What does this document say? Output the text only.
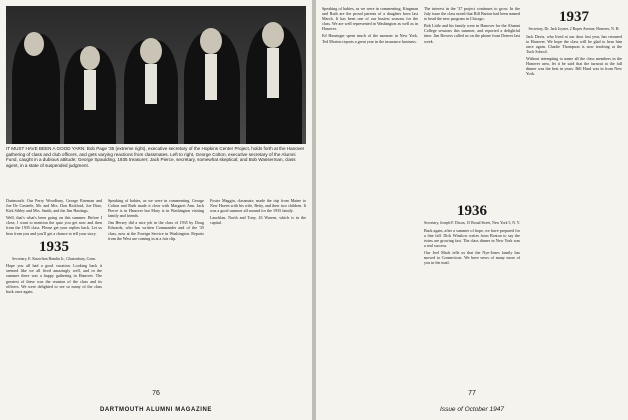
IT MUST HAVE BEEN A GOOD YARN: Bob Page '35 (extreme right), executive secretary of the Hopkins Center Project, holds forth at the Hanover gathering of class and club officers, and gets varying reactions from classmates. Left to right, George Colton, executive secretary of the Alumni Fund, caught in a dubious attitude; George Spaulding, 1935 treasurer; Jack Pierce, secretary, somewhat skeptical; and Bob Wasserman, class agent, in a state of suspended judgment.

Dartmouth. Our Perry Woodbury, George Eiseman and Joe De Casteele, Mr. and Mrs. Don Bickford, Joe Diao, Kirk Sibley and Mrs. Smith, and the Jim Hastings.

Well, that's what's been going on this summer. Before I close, I want to mention the quiz you get now and then from the 1935 class. Please get your replies back. Let us hear from you and you'll get a chance to tell your story.

1935
Secretary, E. Knowlton Hamlin Jr., Glastonbury, Conn.

Hope you all had a good vacation. Looking back it seemed like we all lived amazingly well, and in the summer there was a happy gathering in Hanover. The greatest of these was the reunion of the class and its officers. We were delighted to see so many of the class back once again.

Speaking of babies, as we were in commenting. George Colton and Ruth made it clear with Margaret Ann. Jack Pierce is in Hanover but Mary is in Washington visiting family and friends.

Jim Hersey did a nice job in the class of 1935 by Doug Edwards, who has written Commander and of the '35 class, now at the Foreign Service in Washington. Reports from the West are coming in at a fair clip.

Foster Maggin, classmate, made the trip from Maine to New Haven with his wife, Betty, and their two children. It was a good summer all around for the 1935 family.

Lauchlan, North and Tony, 43 Warren, which is in the capital.

76
DARTMOUTH ALUMNI MAGAZINE

Speaking of babies, as we were in commenting, Kingman and Ruth are the proud parents of a daughter born last March. It has been one of our busiest seasons for the class. We are well represented in Washington as well as in Hanover.

Ed Hassinger spent much of the summer in New York. Ted Morton reports a great year in the insurance business.

The interest in the '37 project continues to grow. In the July issue the class noted that Bill Barton had been named to head the new program in Chicago.

Bob Little and his family were in Hanover for the Alumni College sessions this summer, and reported a delightful time. Jim Bowers called us on the phone from Denver last week.

1937
Secretary, Dr. Jack Joyner, 2 Ropes Avenue, Hanover, N. H.

Jack Davis, who lived at our door last year, has returned to Hanover. We hope the class will be glad to hear him once again. Charlie Thompson is now teaching at the Tuck School.

Without attempting to name all the class members in the Hanover area, let it be said that the turnout at the fall dinner was the best in years. Bill Hurd was in from New York.

1936
Secretary, Joseph F. Dixon, 15 Broad Street, New York 5, N. Y.

Back again, after a summer of hope, we have prepared for a fine fall. Dick Winslow writes from Boston to say the twins are growing fast. The class dinner in New York was a real success.

Our Joel Mack tells us that the Nye-Jones family has moved to Connecticut. We have news of many more of you in the mail.

77
Issue of October 1947
